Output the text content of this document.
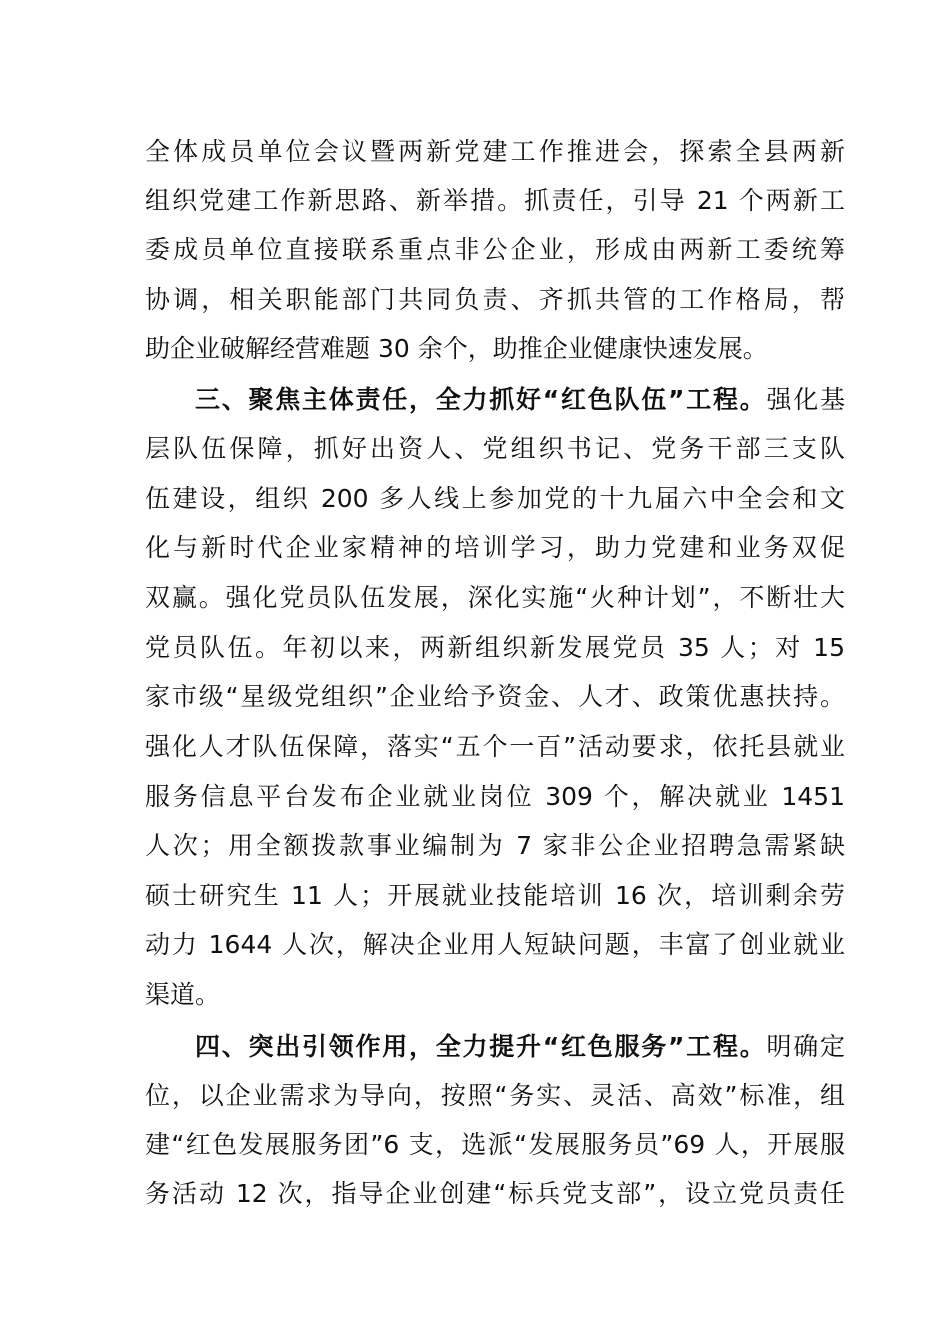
全体成员单位会议暨两新党建工作推进会，探索全县两新
组织党建工作新思路、新举措。抓责任，引导 21 个两新工
委成员单位直接联系重点非公企业，形成由两新工委统筹
协调，相关职能部门共同负责、齐抓共管的工作格局，帮
助企业破解经营难题 30 余个，助推企业健康快速发展。
三、聚焦主体责任，全力抓好“红色队伍”工程。强化基
层队伍保障，抓好出资人、党组织书记、党务干部三支队
伍建设，组织 200 多人线上参加党的十九届六中全会和文
化与新时代企业家精神的培训学习，助力党建和业务双促
双赢。强化党员队伍发展，深化实施“火种计划”，不断壮大
党员队伍。年初以来，两新组织新发展党员 35 人；对 15
家市级“星级党组织”企业给予资金、人才、政策优惠扶持。
强化人才队伍保障，落实“五个一百”活动要求，依托县就业
服务信息平台发布企业就业岗位 309 个，解决就业 1451
人次；用全额拨款事业编制为 7 家非公企业招聘急需紧缺
硕士研究生 11 人；开展就业技能培训 16 次，培训剩余劳
动力 1644 人次，解决企业用人短缺问题，丰富了创业就业
渠道。
四、突出引领作用，全力提升“红色服务”工程。明确定
位，以企业需求为导向，按照“务实、灵活、高效”标准，组
建“红色发展服务团”6 支，选派“发展服务员”69 人，开展服
务活动 12 次，指导企业创建“标兵党支部”，设立党员责任
